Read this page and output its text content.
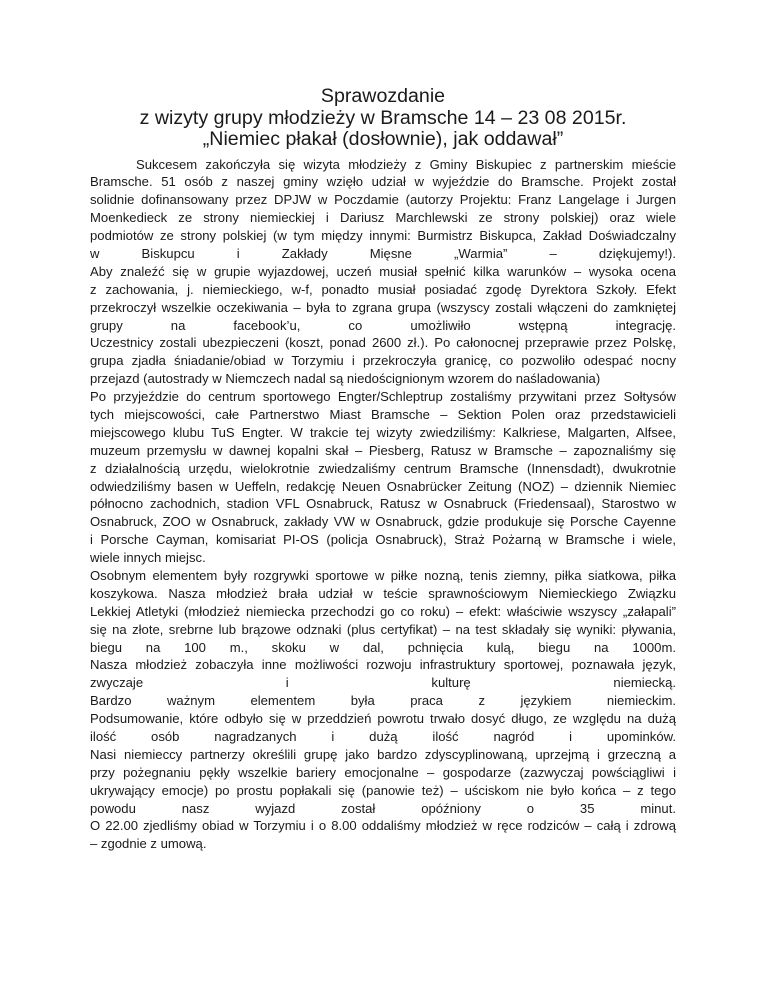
Sprawozdanie
z wizyty grupy młodzieży w Bramsche 14 – 23 08 2015r.
„Niemiec płakał (dosłownie), jak oddawał”
Sukcesem zakończyła się wizyta młodzieży z Gminy Biskupiec z partnerskim mieście
Bramsche. 51 osób z naszej gminy wzięło udział w wyjeździe do Bramsche. Projekt został
solidnie dofinansowany przez DPJW w Poczdamie (autorzy Projektu: Franz Langelage i Jurgen
Moenkedieck ze strony niemieckiej i Dariusz Marchlewski ze strony polskiej) oraz wiele
podmiotów ze strony polskiej (w tym między innymi: Burmistrz Biskupca, Zakład Doświadczalny
w Biskupcu i Zakłady Mięsne „Warmia” – dziękujemy!).
Aby znaleźć się w grupie wyjazdowej, uczeń musiał spełnić kilka warunków – wysoka ocena
z zachowania, j. niemieckiego, w-f, ponadto musiał posiadać zgodę Dyrektora Szkoły. Efekt
przekroczył wszelkie oczekiwania – była to zgrana grupa (wszyscy zostali włączeni do zamkniętej
grupy na facebook’u, co umożliwiło wstępną integrację.
Uczestnicy zostali ubezpieczeni (koszt, ponad 2600 zł.). Po całonocnej przeprawie przez Polskę,
grupa zjadła śniadanie/obiad w Torzymiu i przekroczyła granicę, co pozwoliło odespać nocny
przejazd (autostrady w Niemczech nadal są niedoścignionym wzorem do naśladowania)
Po przyjeździe do centrum sportowego Engter/Schleptrup zostaliśmy przywitani przez Sołtysów
tych miejscowości, całe Partnerstwo Miast Bramsche – Sektion Polen oraz przedstawicieli
miejscowego klubu TuS Engter. W trakcie tej wizyty zwiedziliśmy: Kalkriese, Malgarten, Alfsee,
muzeum przemysłu w dawnej kopalni skał – Piesberg, Ratusz w Bramsche – zapoznaliśmy się
z działalnością urzędu, wielokrotnie zwiedzaliśmy centrum Bramsche (Innensdadt), dwukrotnie
odwiedziliśmy basen w Ueffeln, redakcję Neuen Osnabrücker Zeitung (NOZ) – dziennik Niemiec
północno zachodnich, stadion VFL Osnabruck, Ratusz w Osnabruck (Friedensaal), Starostwo w
Osnabruck, ZOO w Osnabruck, zakłady VW w Osnabruck, gdzie produkuje się Porsche Cayenne
i Porsche Cayman, komisariat PI-OS (policja Osnabruck), Straż Pożarną w Bramsche i wiele,
wiele innych miejsc.
Osobnym elementem były rozgrywki sportowe w piłke nozną, tenis ziemny, piłka siatkowa, piłka
koszykowa. Nasza młodzież brała udział w teście sprawnościowym Niemieckiego Związku
Lekkiej Atletyki (młodzież niemiecka przechodzi go co roku) – efekt: właściwie wszyscy „załapali”
się na złote, srebrne lub brązowe odznaki (plus certyfikat) – na test składały się wyniki: pływania,
biegu na 100 m., skoku w dal, pchnięcia kulą, biegu na 1000m.
Nasza młodzież zobaczyła inne możliwości rozwoju infrastruktury sportowej, poznawała język,
zwyczaje i kulturę niemiecką.
Bardzo ważnym elementem była praca z językiem niemieckim.
Podsumowanie, które odbyło się w przeddzień powrotu trwało dosyć długo, ze względu na dużą
ilość osób nagradzanych i dużą ilość nagród i upominków.
Nasi niemieccy partnerzy określili grupę jako bardzo zdyscyplinowaną, uprzejmą i grzeczną a
przy pożegnaniu pękły wszelkie bariery emocjonalne – gospodarze (zazwyczaj powściągliwi i
ukrywający emocje) po prostu popłakali się (panowie też) – uściskom nie było końca – z tego
powodu nasz wyjazd został opóźniony o 35 minut.
O 22.00 zjedliśmy obiad w Torzymiu i o 8.00 oddaliśmy młodzież w ręce rodziców – całą i zdrową
– zgodnie z umową.
